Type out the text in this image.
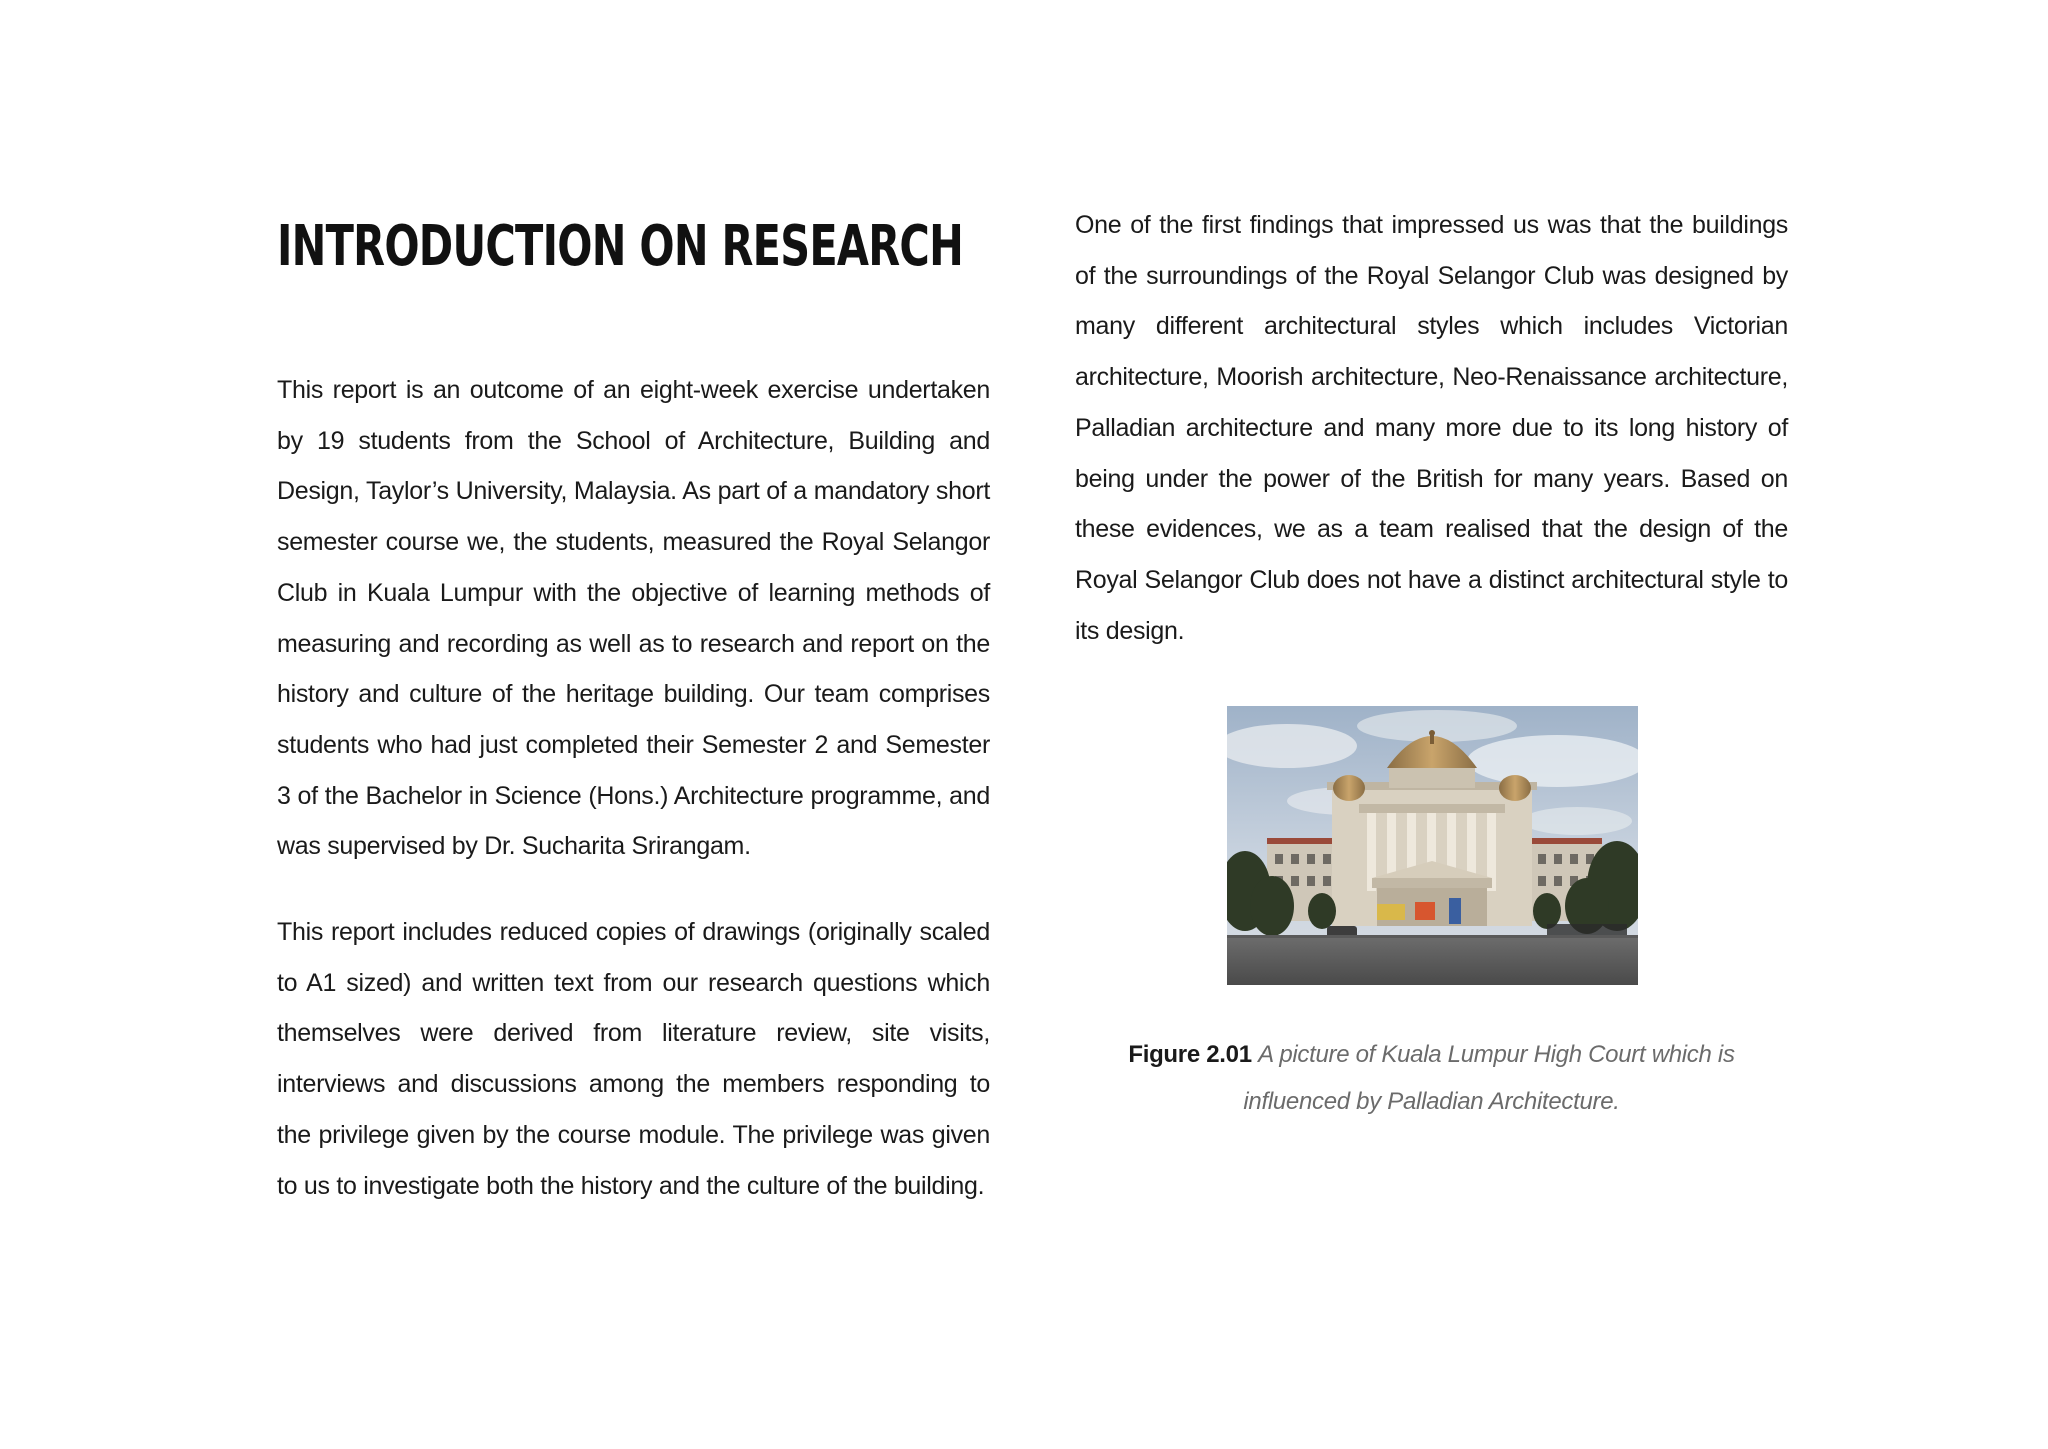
INTRODUCTION ON RESEARCH

This report is an outcome of an eight-week exercise undertaken by 19 students from the School of Architecture, Building and Design, Taylor’s University, Malaysia. As part of a mandatory short semester course we, the students, measured the Royal Selangor Club in Kuala Lumpur with the objective of learning methods of measuring and recording as well as to research and report on the history and culture of the heritage building. Our team comprises students who had just completed their Semester 2 and Semester 3 of the Bachelor in Science (Hons.) Architecture programme, and was supervised by Dr. Sucharita Srirangam.

This report includes reduced copies of drawings (originally scaled to A1 sized) and written text from our research questions which themselves were derived from literature review, site visits, interviews and discussions among the members responding to the privilege given by the course module. The privilege was given to us to investigate both the history and the culture of the building.

One of the first findings that impressed us was that the buildings of the surroundings of the Royal Selangor Club was designed by many different architectural styles which includes Victorian architecture, Moorish architecture, Neo-Renaissance architecture, Palladian architecture and many more due to its long history of being under the power of the British for many years. Based on these evidences, we as a team realised that the design of the Royal Selangor Club does not have a distinct architectural style to its design.

Figure 2.01 A picture of Kuala Lumpur High Court which is influenced by Palladian Architecture.
